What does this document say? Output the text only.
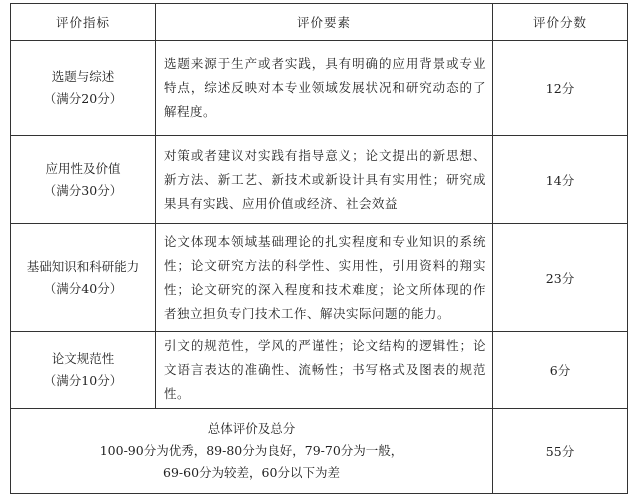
评价指标	评价要素	评价分数

选题与综述
（满分20分）	选题来源于生产或者实践，具有明确的应用背景或专业特点，综述反映对本专业领域发展状况和研究动态的了解程度。	12分

应用性及价值
（满分30分）	对策或者建议对实践有指导意义；论文提出的新思想、新方法、新工艺、新技术或新设计具有实用性；研究成果具有实践、应用价值或经济、社会效益	14分

基础知识和科研能力
（满分40分）	论文体现本领域基础理论的扎实程度和专业知识的系统性；论文研究方法的科学性、实用性，引用资料的翔实性；论文研究的深入程度和技术难度；论文所体现的作者独立担负专门技术工作、解决实际问题的能力。	23分

论文规范性
（满分10分）	引文的规范性，学风的严谨性；论文结构的逻辑性；论文语言表达的准确性、流畅性；书写格式及图表的规范性。	6分

总体评价及总分
100-90分为优秀，89-80分为良好，79-70分为一般，
69-60分为较差，60分以下为差		55分
